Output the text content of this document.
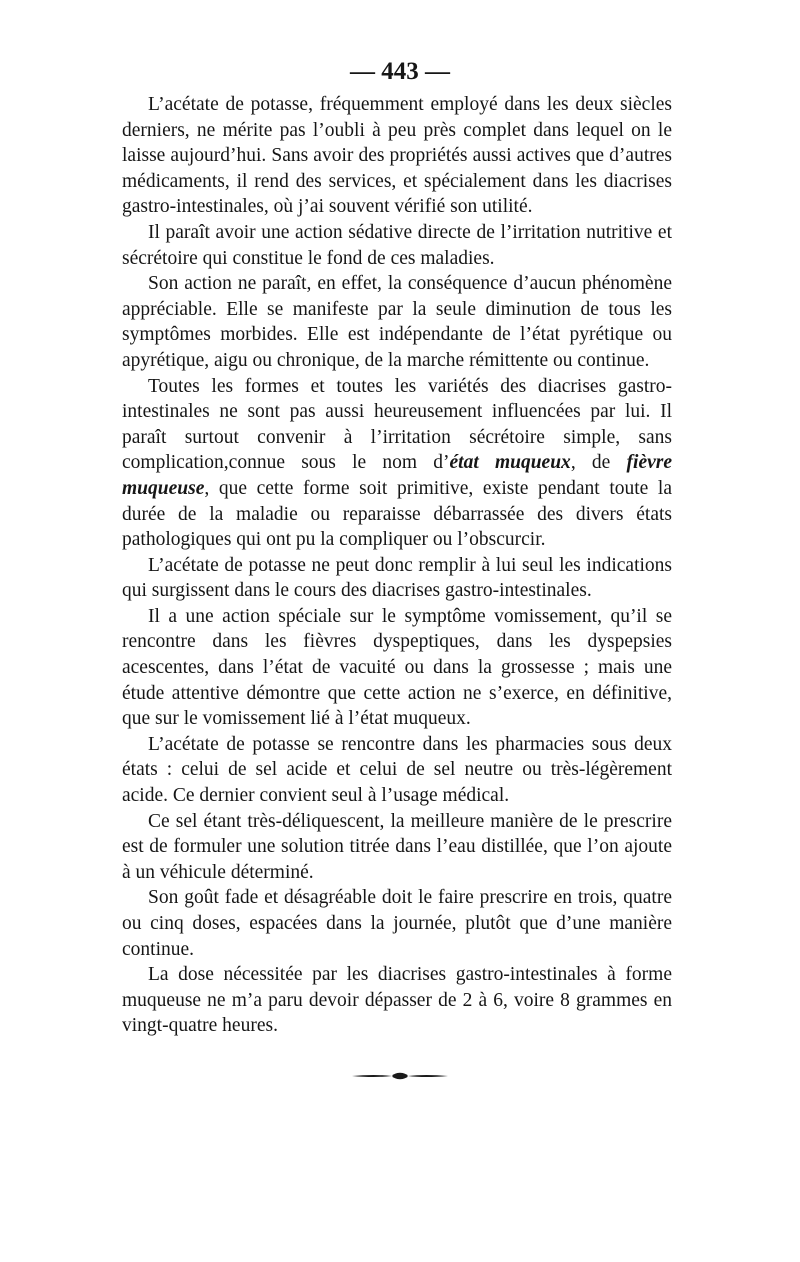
— 443 —

L’acétate de potasse, fréquemment employé dans les deux siècles derniers, ne mérite pas l’oubli à peu près complet dans lequel on le laisse aujourd’hui. Sans avoir des propriétés aussi actives que d’autres médicaments, il rend des services, et spécialement dans les diacrises gastro-intestinales, où j’ai souvent vérifié son utilité.

Il paraît avoir une action sédative directe de l’irritation nutritive et sécrétoire qui constitue le fond de ces maladies.

Son action ne paraît, en effet, la conséquence d’aucun phénomène appréciable. Elle se manifeste par la seule diminution de tous les symptômes morbides. Elle est indépendante de l’état pyrétique ou apyrétique, aigu ou chronique, de la marche rémittente ou continue.

Toutes les formes et toutes les variétés des diacrises gastro-intestinales ne sont pas aussi heureusement influencées par lui. Il paraît surtout convenir à l’irritation sécrétoire simple, sans complication,connue sous le nom d’état muqueux, de fièvre muqueuse, que cette forme soit primitive, existe pendant toute la durée de la maladie ou reparaisse débarrassée des divers états pathologiques qui ont pu la compliquer ou l’obscurcir.

L’acétate de potasse ne peut donc remplir à lui seul les indications qui surgissent dans le cours des diacrises gastro-intestinales.

Il a une action spéciale sur le symptôme vomissement, qu’il se rencontre dans les fièvres dyspeptiques, dans les dyspepsies acescentes, dans l’état de vacuité ou dans la grossesse ; mais une étude attentive démontre que cette action ne s’exerce, en définitive, que sur le vomissement lié à l’état muqueux.

L’acétate de potasse se rencontre dans les pharmacies sous deux états : celui de sel acide et celui de sel neutre ou très-légèrement acide. Ce dernier convient seul à l’usage médical.

Ce sel étant très-déliquescent, la meilleure manière de le prescrire est de formuler une solution titrée dans l’eau distillée, que l’on ajoute à un véhicule déterminé.

Son goût fade et désagréable doit le faire prescrire en trois, quatre ou cinq doses, espacées dans la journée, plutôt que d’une manière continue.

La dose nécessitée par les diacrises gastro-intestinales à forme muqueuse ne m’a paru devoir dépasser de 2 à 6, voire 8 grammes en vingt-quatre heures.
